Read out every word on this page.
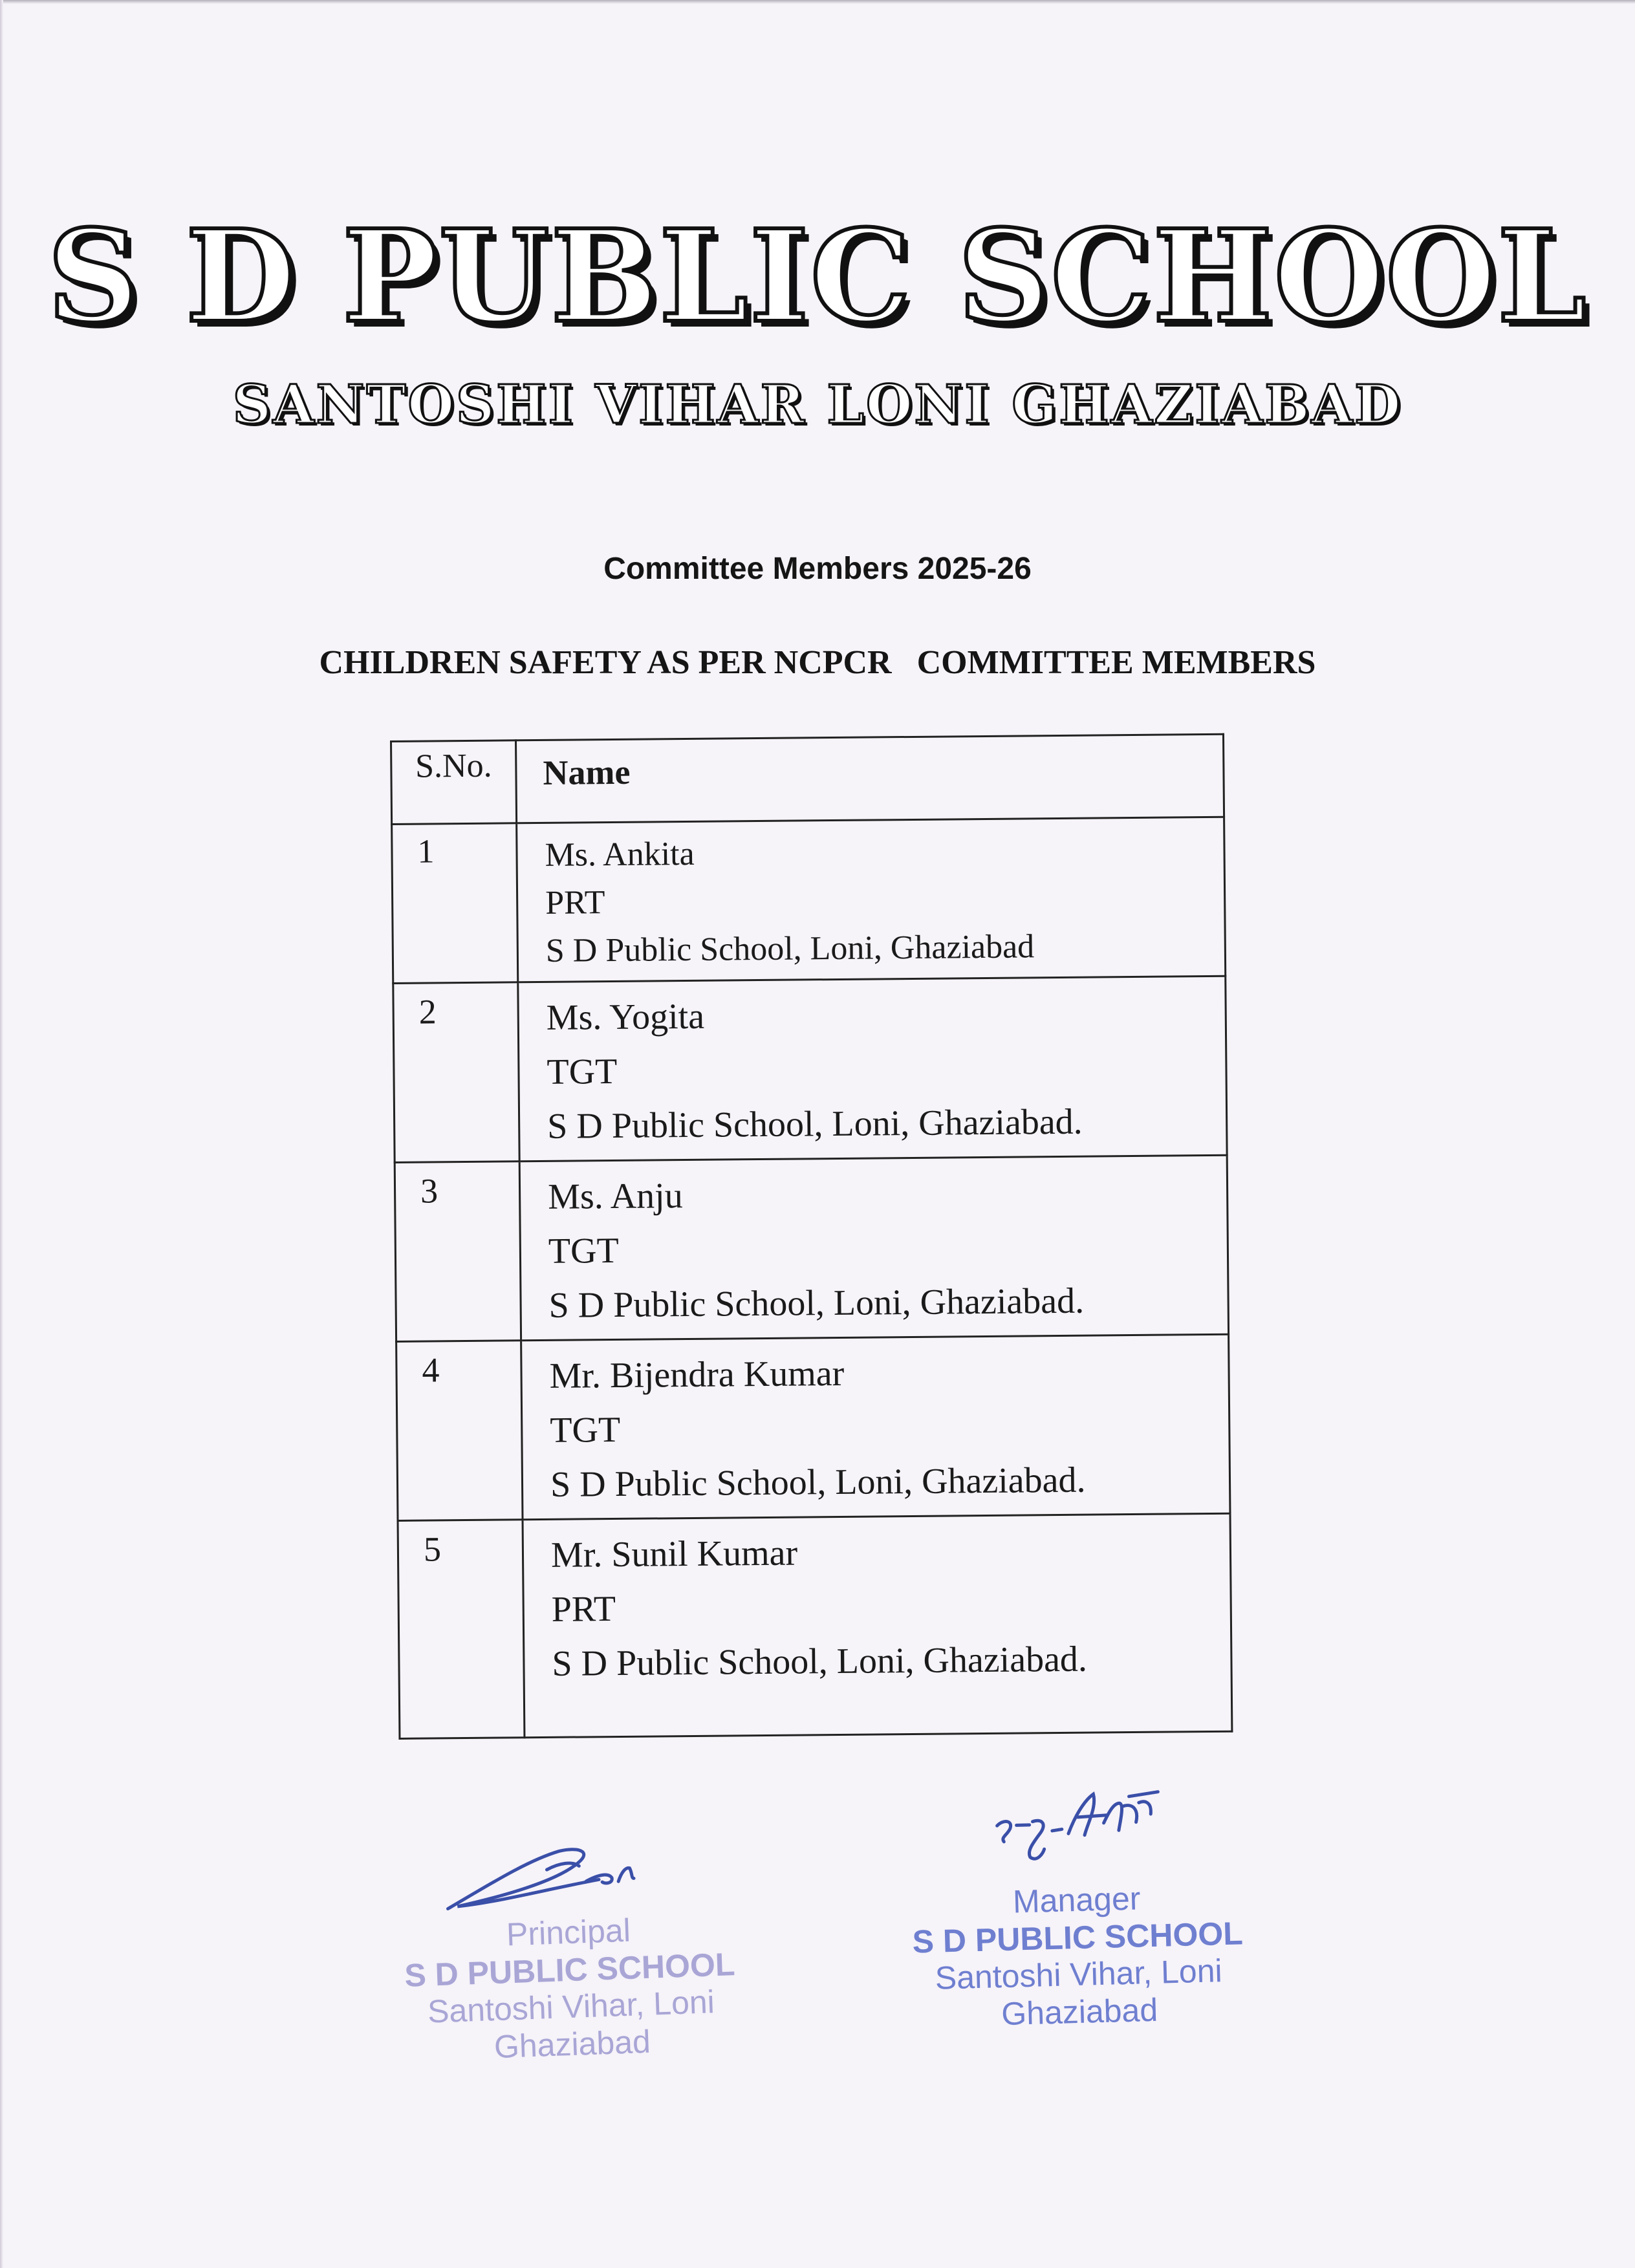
S D PUBLIC SCHOOL
SANTOSHI VIHAR LONI GHAZIABAD
Committee Members 2025-26
CHILDREN SAFETY AS PER NCPCR   COMMITTEE MEMBERS
S.No.	Name
1	Ms. Ankita
PRT
S D Public School, Loni, Ghaziabad

2	Ms. Yogita
TGT
S D Public School, Loni, Ghaziabad.

3	Ms. Anju
TGT
S D Public School, Loni, Ghaziabad.

4	Mr. Bijendra Kumar
TGT
S D Public School, Loni, Ghaziabad.

5	Mr. Sunil Kumar
PRT
S D Public School, Loni, Ghaziabad.
Principal
S D PUBLIC SCHOOL
Santoshi Vihar, Loni
Ghaziabad
Manager
S D PUBLIC SCHOOL
Santoshi Vihar, Loni
Ghaziabad
